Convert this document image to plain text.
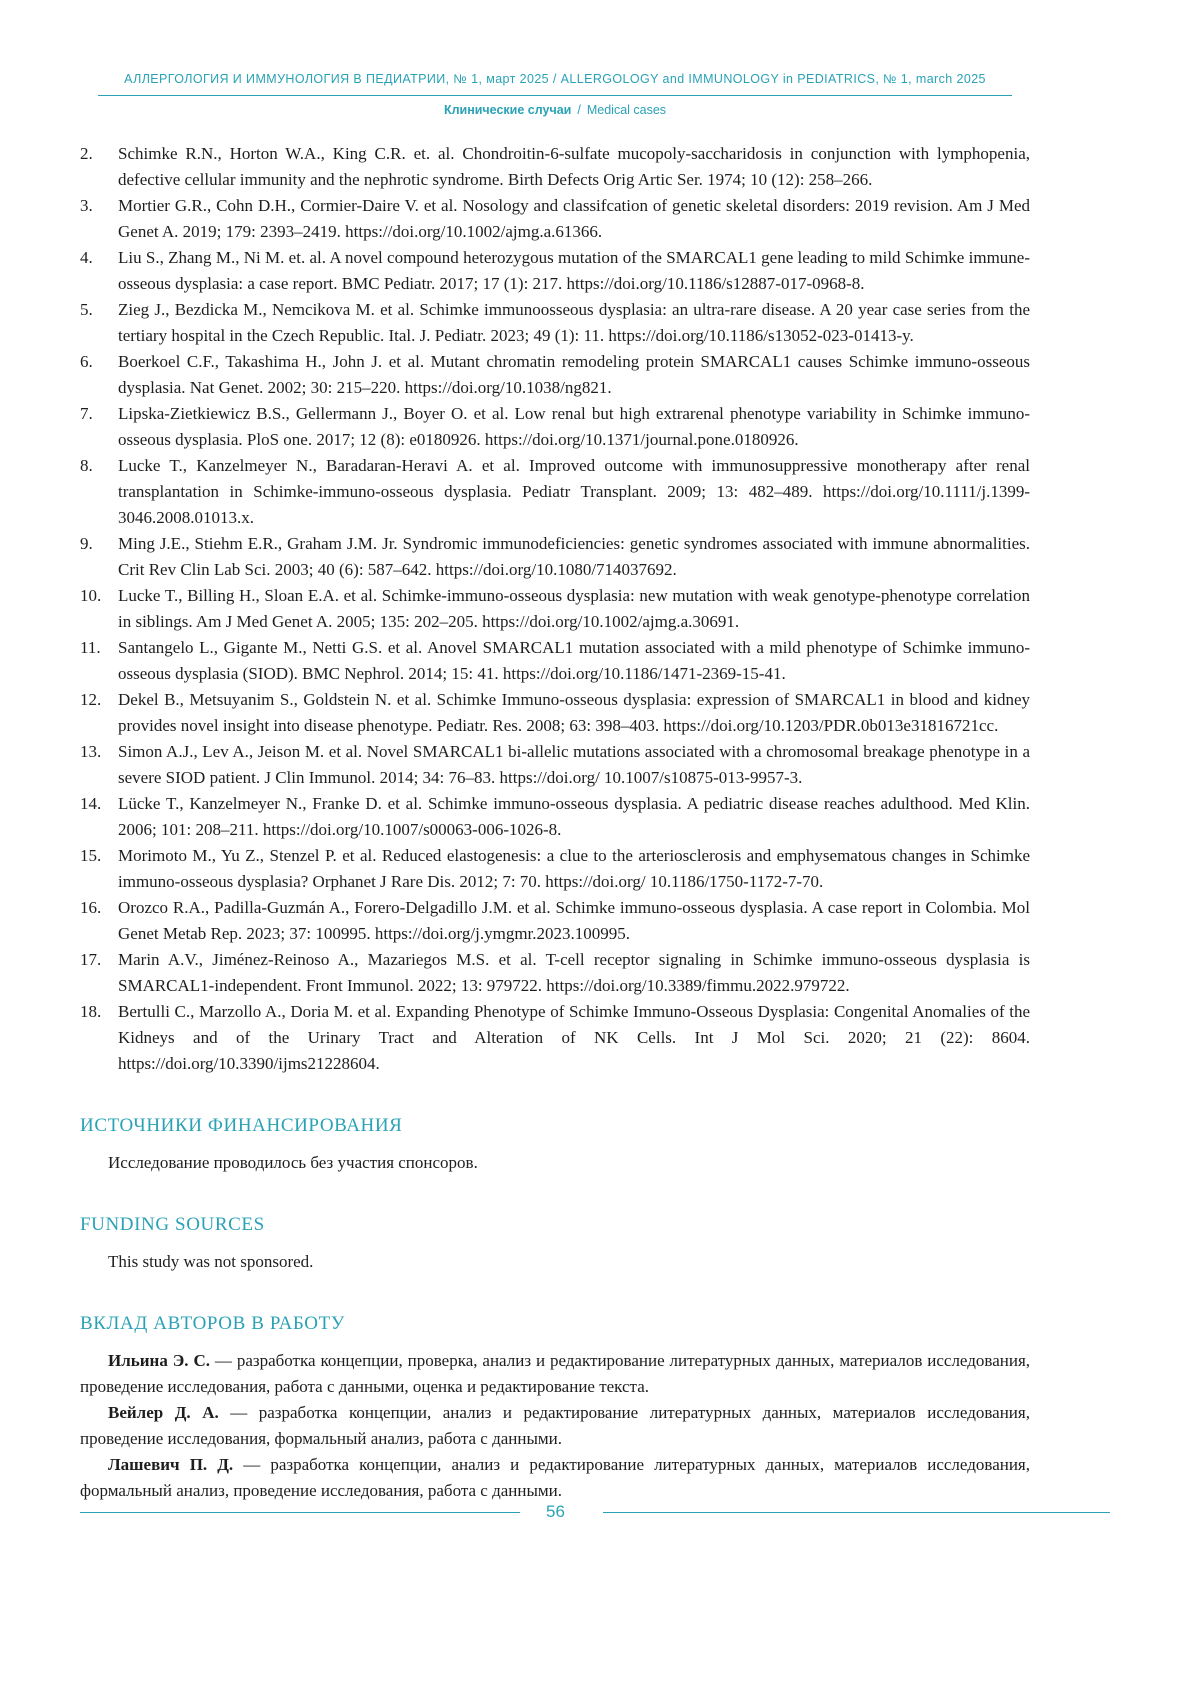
АЛЛЕРГОЛОГИЯ И ИММУНОЛОГИЯ В ПЕДИАТРИИ, № 1, март 2025 / ALLERGOLOGY and IMMUNOLOGY in PEDIATRICS, № 1, march 2025
Клинические случаи / Medical cases
2.	Schimke R.N., Horton W.A., King C.R. et. al. Chondroitin-6-sulfate mucopoly-saccharidosis in conjunction with lymphopenia, defective cellular immunity and the nephrotic syndrome. Birth Defects Orig Artic Ser. 1974; 10 (12): 258–266.
3.	Mortier G.R., Cohn D.H., Cormier-Daire V. et al. Nosology and classifcation of genetic skeletal disorders: 2019 revision. Am J Med Genet A. 2019; 179: 2393–2419. https://doi.org/10.1002/ajmg.a.61366.
4.	Liu S., Zhang M., Ni M. et. al. A novel compound heterozygous mutation of the SMARCAL1 gene leading to mild Schimke immune-osseous dysplasia: a case report. BMC Pediatr. 2017; 17 (1): 217. https://doi.org/10.1186/s12887-017-0968-8.
5.	Zieg J., Bezdicka M., Nemcikova M. et al. Schimke immunoosseous dysplasia: an ultra-rare disease. A 20 year case series from the tertiary hospital in the Czech Republic. Ital. J. Pediatr. 2023; 49 (1): 11. https://doi.org/10.1186/s13052-023-01413-y.
6.	Boerkoel C.F., Takashima H., John J. et al. Mutant chromatin remodeling protein SMARCAL1 causes Schimke immuno-osseous dysplasia. Nat Genet. 2002; 30: 215–220. https://doi.org/10.1038/ng821.
7.	Lipska-Zietkiewicz B.S., Gellermann J., Boyer O. et al. Low renal but high extrarenal phenotype variability in Schimke immuno-osseous dysplasia. PloS one. 2017; 12 (8): e0180926. https://doi.org/10.1371/journal.pone.0180926.
8.	Lucke T., Kanzelmeyer N., Baradaran-Heravi A. et al. Improved outcome with immunosuppressive monotherapy after renal transplantation in Schimke-immuno-osseous dysplasia. Pediatr Transplant. 2009; 13: 482–489. https://doi.org/10.1111/j.1399-3046.2008.01013.x.
9.	Ming J.E., Stiehm E.R., Graham J.M. Jr. Syndromic immunodeficiencies: genetic syndromes associated with immune abnormalities. Crit Rev Clin Lab Sci. 2003; 40 (6): 587–642. https://doi.org/10.1080/714037692.
10. Lucke T., Billing H., Sloan E.A. et al. Schimke-immuno-osseous dysplasia: new mutation with weak genotype-phenotype correlation in siblings. Am J Med Genet A. 2005; 135: 202–205. https://doi.org/10.1002/ajmg.a.30691.
11.	Santangelo L., Gigante M., Netti G.S. et al. Anovel SMARCAL1 mutation associated with a mild phenotype of Schimke immuno-osseous dysplasia (SIOD). BMC Nephrol. 2014; 15: 41. https://doi.org/10.1186/1471-2369-15-41.
12. Dekel B., Metsuyanim S., Goldstein N. et al. Schimke Immuno-osseous dysplasia: expression of SMARCAL1 in blood and kidney provides novel insight into disease phenotype. Pediatr. Res. 2008; 63: 398–403. https://doi.org/10.1203/PDR.0b013e31816721cc.
13. Simon A.J., Lev A., Jeison M. et al. Novel SMARCAL1 bi-allelic mutations associated with a chromosomal breakage phenotype in a severe SIOD patient. J Clin Immunol. 2014; 34: 76–83. https://doi.org/ 10.1007/s10875-013-9957-3.
14. Lücke T., Kanzelmeyer N., Franke D. et al. Schimke immuno-osseous dysplasia. A pediatric disease reaches adulthood. Med Klin. 2006; 101: 208–211. https://doi.org/10.1007/s00063-006-1026-8.
15. Morimoto M., Yu Z., Stenzel P. et al. Reduced elastogenesis: a clue to the arteriosclerosis and emphysematous changes in Schimke immuno-osseous dysplasia? Orphanet J Rare Dis. 2012; 7: 70. https://doi.org/ 10.1186/1750-1172-7-70.
16. Orozco R.A., Padilla-Guzmán A., Forero-Delgadillo J.M. et al. Schimke immuno-osseous dysplasia. A case report in Colombia. Mol Genet Metab Rep. 2023; 37: 100995. https://doi.org/j.ymgmr.2023.100995.
17. Marin A.V., Jiménez-Reinoso A., Mazariegos M.S. et al. T-cell receptor signaling in Schimke immuno-osseous dysplasia is SMARCAL1-independent. Front Immunol. 2022; 13: 979722. https://doi.org/10.3389/fimmu.2022.979722.
18. Bertulli C., Marzollo A., Doria M. et al. Expanding Phenotype of Schimke Immuno-Osseous Dysplasia: Congenital Anomalies of the Kidneys and of the Urinary Tract and Alteration of NK Cells. Int J Mol Sci. 2020; 21 (22): 8604. https://doi.org/10.3390/ijms21228604.
ИСТОЧНИКИ ФИНАНСИРОВАНИЯ

Исследование проводилось без участия спонсоров.

FUNDING SOURCES

This study was not sponsored.

ВКЛАД АВТОРОВ В РАБОТУ

Ильина Э. С. — разработка концепции, проверка, анализ и редактирование литературных данных, материалов исследования, проведение исследования, работа с данными, оценка и редактирование текста.

Вейлер Д. А. — разработка концепции, анализ и редактирование литературных данных, материалов исследования, проведение исследования, формальный анализ, работа с данными.

Лашевич П. Д. — разработка концепции, анализ и редактирование литературных данных, материалов исследования, формальный анализ, проведение исследования, работа с данными.

56
